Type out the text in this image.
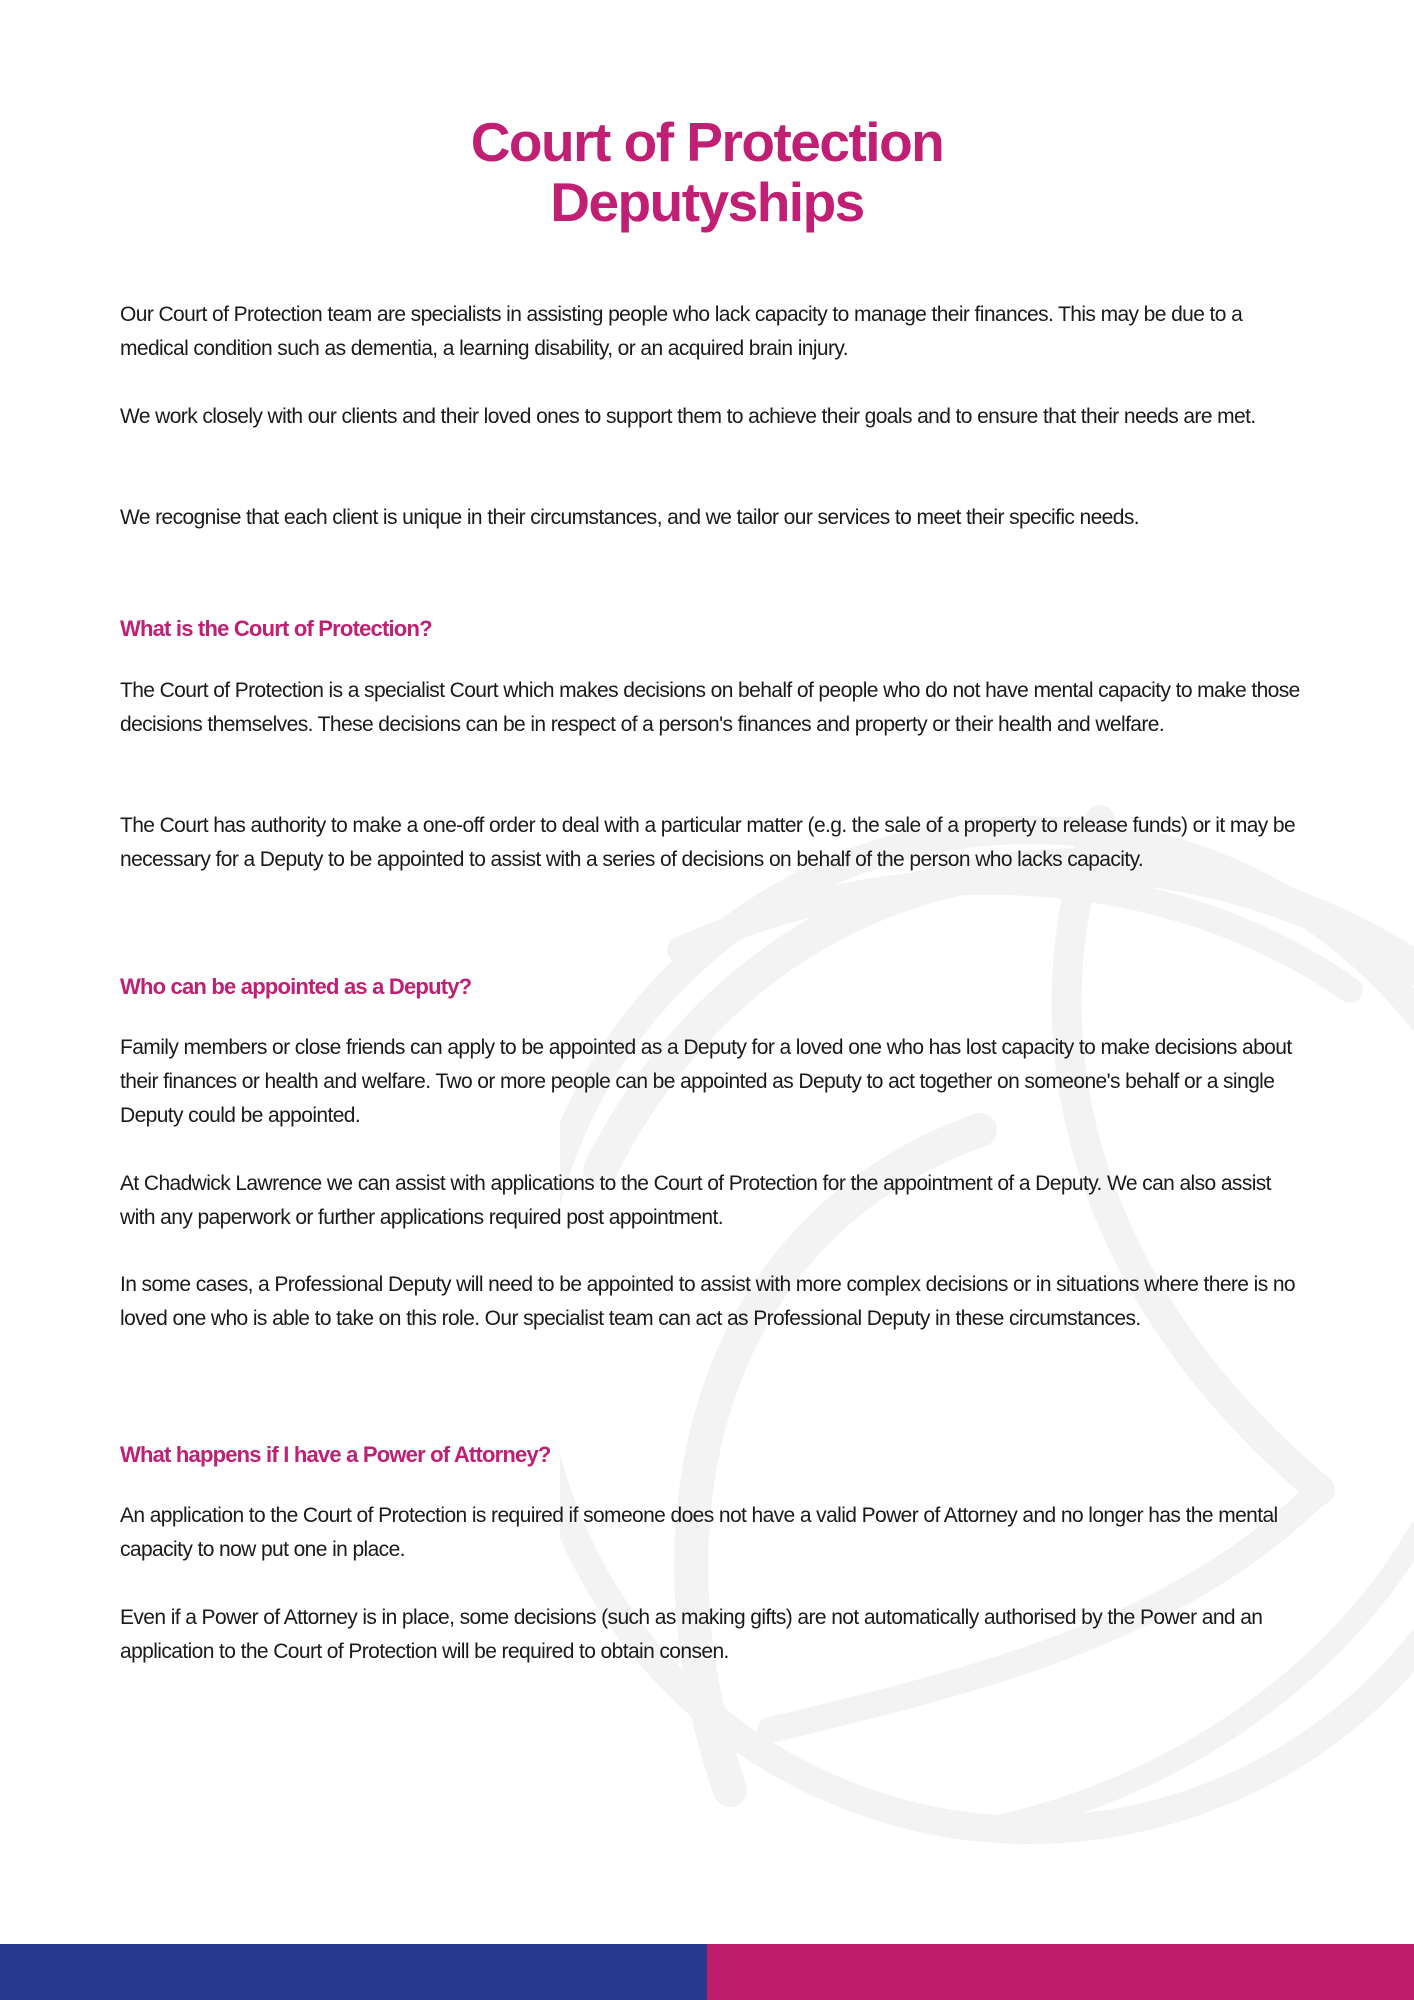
Court of Protection
Deputyships

Our Court of Protection team are specialists in assisting people who lack capacity to manage their finances. This may be due to a medical condition such as dementia, a learning disability, or an acquired brain injury.

We work closely with our clients and their loved ones to support them to achieve their goals and to ensure that their needs are met.

We recognise that each client is unique in their circumstances, and we tailor our services to meet their specific needs.

What is the Court of Protection?

The Court of Protection is a specialist Court which makes decisions on behalf of people who do not have mental capacity to make those decisions themselves. These decisions can be in respect of a person's finances and property or their health and welfare.

The Court has authority to make a one-off order to deal with a particular matter (e.g. the sale of a property to release funds) or it may be necessary for a Deputy to be appointed to assist with a series of decisions on behalf of the person who lacks capacity.

Who can be appointed as a Deputy?

Family members or close friends can apply to be appointed as a Deputy for a loved one who has lost capacity to make decisions about their finances or health and welfare. Two or more people can be appointed as Deputy to act together on someone's behalf or a single Deputy could be appointed.

At Chadwick Lawrence we can assist with applications to the Court of Protection for the appointment of a Deputy. We can also assist with any paperwork or further applications required post appointment.

In some cases, a Professional Deputy will need to be appointed to assist with more complex decisions or in situations where there is no loved one who is able to take on this role. Our specialist team can act as Professional Deputy in these circumstances.

What happens if I have a Power of Attorney?

An application to the Court of Protection is required if someone does not have a valid Power of Attorney and no longer has the mental capacity to now put one in place.

Even if a Power of Attorney is in place, some decisions (such as making gifts) are not automatically authorised by the Power and an application to the Court of Protection will be required to obtain consen.
